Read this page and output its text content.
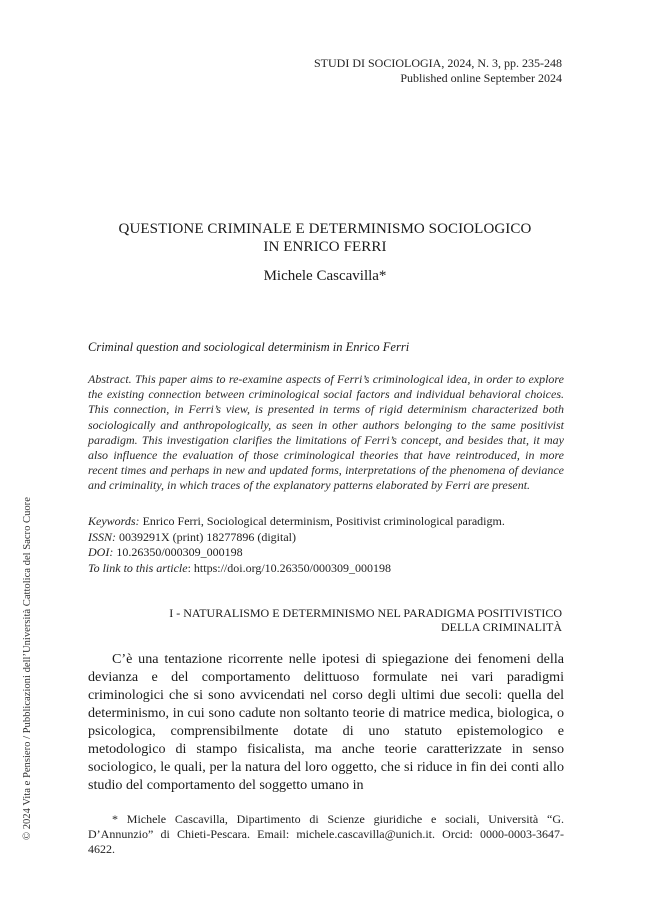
STUDI DI SOCIOLOGIA, 2024, N. 3, pp. 235-248
Published online September 2024
QUESTIONE CRIMINALE E DETERMINISMO SOCIOLOGICO
IN ENRICO FERRI
Michele Cascavilla*
Criminal question and sociological determinism in Enrico Ferri
Abstract. This paper aims to re-examine aspects of Ferri’s criminological idea, in order to explore the existing connection between criminological social factors and individual behavioral choices. This connection, in Ferri’s view, is presented in terms of rigid determinism characterized both sociologically and anthropologically, as seen in other authors belonging to the same positivist paradigm. This investigation clarifies the limitations of Ferri’s concept, and besides that, it may also influence the evaluation of those criminological theories that have reintroduced, in more recent times and perhaps in new and updated forms, interpretations of the phenomena of deviance and criminality, in which traces of the explanatory patterns elaborated by Ferri are present.
Keywords: Enrico Ferri, Sociological determinism, Positivist criminological paradigm.
ISSN: 0039291X (print) 18277896 (digital)
DOI: 10.26350/000309_000198
To link to this article: https://doi.org/10.26350/000309_000198
I - NATURALISMO E DETERMINISMO NEL PARADIGMA POSITIVISTICO
DELLA CRIMINALITÀ
C’è una tentazione ricorrente nelle ipotesi di spiegazione dei fenomeni della devianza e del comportamento delittuoso formulate nei vari paradigmi criminologici che si sono avvicendati nel corso degli ultimi due secoli: quella del determinismo, in cui sono cadute non soltanto teorie di matrice medica, biologica, o psicologica, comprensibilmente dotate di uno statuto epistemologico e metodologico di stampo fisicalista, ma anche teorie caratterizzate in senso sociologico, le quali, per la natura del loro oggetto, che si riduce in fin dei conti allo studio del comportamento del soggetto umano in
* Michele Cascavilla, Dipartimento di Scienze giuridiche e sociali, Università “G. D’Annunzio” di Chieti-Pescara. Email: michele.cascavilla@unich.it. Orcid: 0000-0003-3647-4622.
© 2024 Vita e Pensiero / Pubblicazioni dell’Università Cattolica del Sacro Cuore
